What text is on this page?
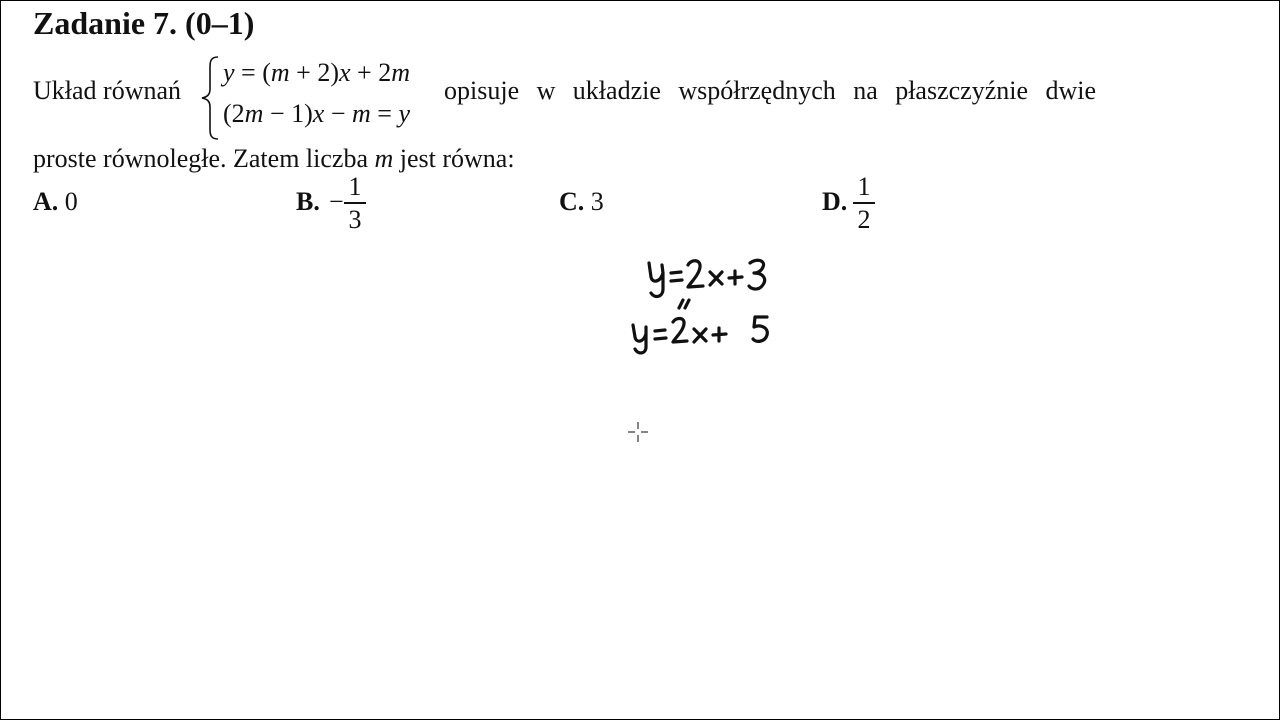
Zadanie 7. (0–1)
Układ równań
y = (m + 2)x + 2m
(2m − 1)x − m = y
opisuje w układzie współrzędnych na płaszczyźnie dwie
proste równoległe. Zatem liczba m jest równa:
A. 0	B. −
1
3
C. 3	D.
1
2
